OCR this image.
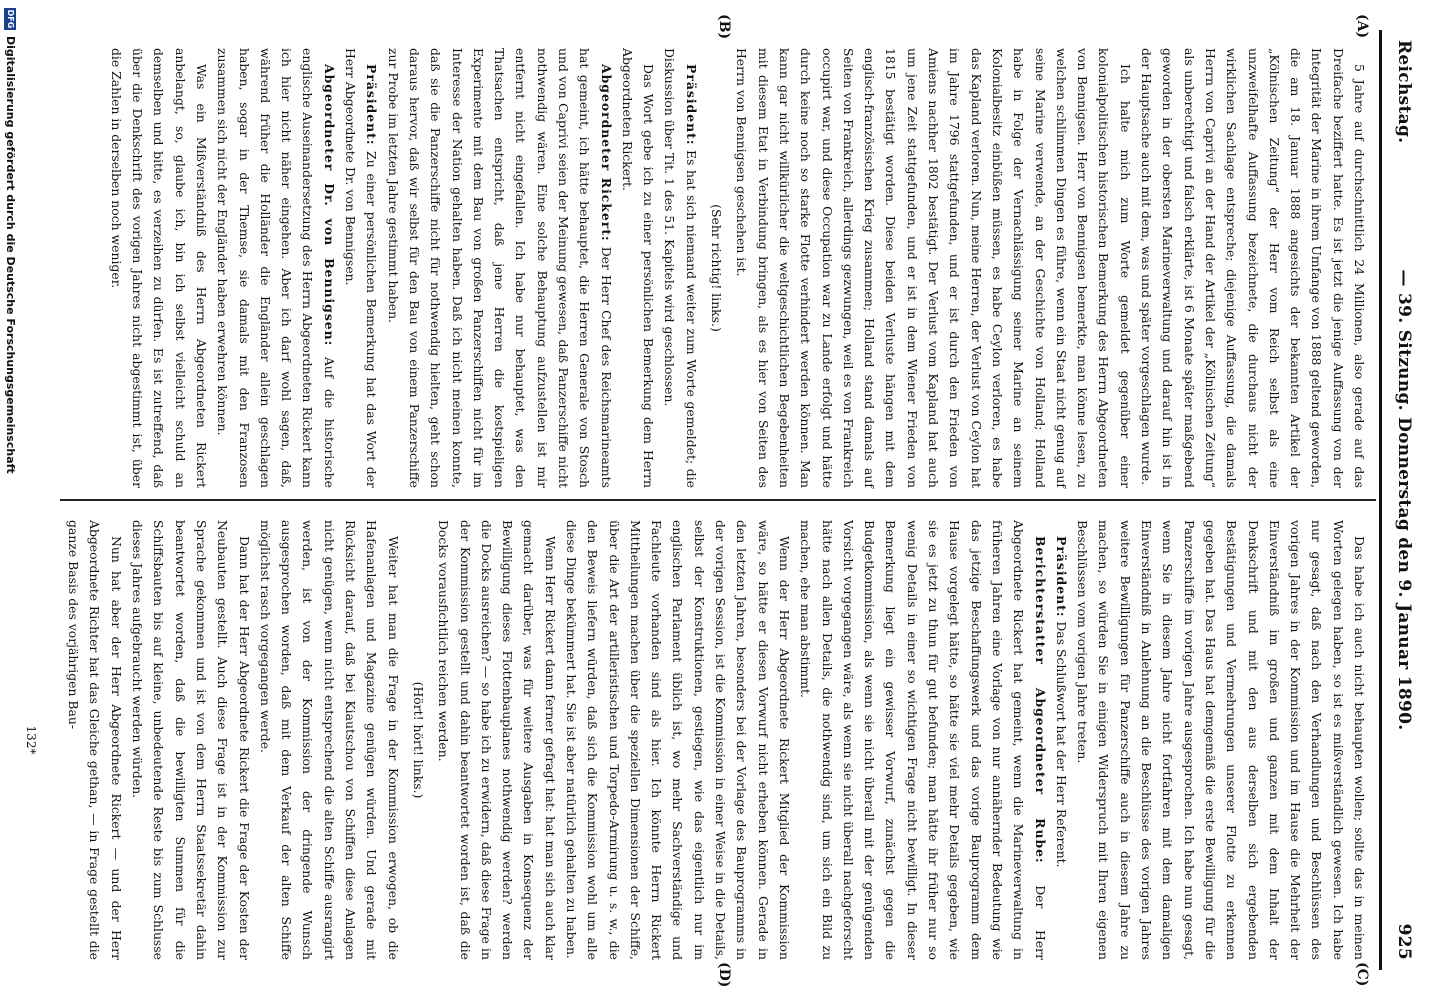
Reichstag.
— 39. Sitzung. Donnerstag den 9. Januar 1890.
925
(A)
(B)
(C)
(D)

5 Jahre auf durchschnittlich 24 Millionen, also gerade auf das Dreifache beziffert hatte. Es ist jetzt die jenige Auffassung von der Integrität der Marine in ihrem Umfange von 1888 geltend geworden, die am 18. Januar 1888 angesichts der bekannten Artikel der „Kölnischen Zeitung“ der Herr vom Reich selbst als eine unzweifelhafte Auffassung bezeichnete, die durchaus nicht der wirklichen Sachlage entspreche; diejenige Auffassung, die damals Herrn von Caprivi an der Hand der Artikel der „Kölnischen Zeitung“ als unberechtigt und falsch erklärte, ist 6 Monate später maßgebend geworden in der obersten Marineverwaltung und darauf hin ist in der Hauptsache auch mit dem, was und später vorgeschlagen wurde.

Ich halte mich zum Worte gemeldet gegenüber einer kolonialpolitischen historischen Bemerkung des Herrn Abgeordneten von Bennigsen. Herr von Bennigsen bemerkte, man könne lesen, zu welchen schlimmen Dingen es führe, wenn ein Staat nicht genug auf seine Marine verwende, an der Geschichte von Holland; Holland habe in Folge der Vernachlässigung seiner Marine an seinem Kolonialbesitz einbüßen müssen, es habe Ceylon verloren, es habe das Kapland verloren. Nun, meine Herren, der Verlust von Ceylon hat im Jahre 1796 stattgefunden, und er ist durch den Frieden von Amiens nachher 1802 bestätigt. Der Verlust vom Kapland hat auch um jene Zeit stattgefunden, und er ist in dem Wiener Frieden von 1815 bestätigt worden. Diese beiden Verluste hängen mit dem englisch-französischen Krieg zusammen; Holland stand damals auf Seiten von Frankreich, allerdings gezwungen, weil es von Frankreich occupirt war, und diese Occupation war zu Lande erfolgt und hätte durch keine noch so starke Flotte verhindert werden können. Man kann gar nicht willkürlicher die weltgeschichtlichen Begebenheiten mit diesem Etat in Verbindung bringen, als es hier von Seiten des Herrn von Bennigsen geschehen ist.

(Sehr richtig! links.)

Präsident: Es hat sich niemand weiter zum Worte gemeldet; die Diskussion über Tit. 1 des 51. Kapitels wird geschlossen.

Das Wort gebe ich zu einer persönlichen Bemerkung dem Herrn Abgeordneten Rickert.

Abgeordneter Rickert: Der Herr Chef des Reichsmarineamts hat gemeint, ich hätte behauptet, die Herren Generale von Stosch und von Caprivi seien der Meinung gewesen, daß Panzerschiffe nicht nothwendig wären. Eine solche Behauptung aufzustellen ist mir entfernt nicht eingefallen. Ich habe nur behauptet, was den Thatsachen entspricht, daß jene Herren die kostspieligen Experimente mit dem Bau von großen Panzerschiffen nicht für im Interesse der Nation gehalten haben. Daß ich nicht meinen konnte, daß sie die Panzerschiffe nicht für nothwendig hielten, geht schon daraus hervor, daß wir selbst für den Bau von einem Panzerschiffe zur Probe im letzten Jahre gestimmt haben.

Präsident: Zu einer persönlichen Bemerkung hat das Wort der Herr Abgeordnete Dr. von Bennigsen.

Abgeordneter Dr. von Bennigsen: Auf die historische englische Auseinandersetzung des Herrn Abgeordneten Rickert kann ich hier nicht näher eingehen. Aber ich darf wohl sagen, daß, während früher die Holländer die Engländer allein geschlagen haben, sogar in der Themse, sie damals mit den Franzosen zusammen sich nicht der Engländer haben erwehren können.

Was ein Mißverständniß des Herrn Abgeordneten Rickert anbelangt, so, glaube ich, bin ich selbst vielleicht schuld an demselben und bitte, es verzeihen zu dürfen. Es ist zutreffend, daß über die Denkschrift des vorigen Jahres nicht abgestimmt ist, über die Zahlen in derselben noch weniger.

Das habe ich auch nicht behaupten wollen; sollte das in meinen Worten gelegen haben, so ist es mißverständlich gewesen. Ich habe nur gesagt, daß nach den Verhandlungen und Beschlüssen des vorigen Jahres in der Kommission und im Hause die Mehrheit der Einverständniß im großen und ganzen mit dem Inhalt der Denkschrift und mit den aus derselben sich ergebenden Bestätigungen und Vermehrungen unserer Flotte zu erkennen gegeben hat. Das Haus hat demgemäß die erste Bewilligung für die Panzerschiffe im vorigen Jahre ausgesprochen. Ich habe nun gesagt, wenn Sie in diesem Jahre nicht fortfahren mit dem damaligen Einverständniß in Anlehnung an die Beschlüsse des vorigen Jahres weitere Bewilligungen für Panzerschiffe auch in diesem Jahre zu machen, so würden Sie in einigen Widerspruch mit Ihren eigenen Beschlüssen vom vorigen Jahre treten.

Präsident: Das Schlußwort hat der Herr Referent.

Berichterstatter Abgeordneter Rube: Der Herr Abgeordnete Rickert hat gemeint, wenn die Marineverwaltung in früheren Jahren eine Vorlage von nur annähernder Bedeutung wie das jetzige Beschaffungswerk und das vorige Bauprogramm dem Hause vorgelegt hätte, so hätte sie viel mehr Details gegeben, wie sie es jetzt zu thun für gut befunden; man hätte ihr früher nur so wenig Details in einer so wichtigen Frage nicht bewilligt. In dieser Bemerkung liegt ein gewisser Vorwurf, zunächst gegen die Budgetkommission, als wenn sie nicht überall mit der genügenden Vorsicht vorgegangen wäre, als wenn sie nicht überall nachgeforscht hätte nach allen Details, die nothwendig sind, um sich ein Bild zu machen, ehe man abstimmt.

Wenn der Herr Abgeordnete Rickert Mitglied der Kommission wäre, so hätte er diesen Vorwurf nicht erheben können. Gerade in den letzten Jahren, besonders bei der Vorlage des Bauprogramms in der vorigen Session, ist die Kommission in einer Weise in die Details, selbst der Konstruktionen, gestiegen, wie das eigentlich nur im englischen Parlament üblich ist, wo mehr Sachverständige und Fachleute vorhanden sind als hier. Ich könnte Herrn Rickert Mittheilungen machen über die speziellen Dimensionen der Schiffe, über die Art der artilleristischen und Torpedo-Armirung u. s. w., die den Beweis liefern würden, daß sich die Kommission wohl um alle diese Dinge bekümmert hat. Sie ist aber natürlich gehalten zu haben.

Wenn Herr Rickert dann ferner gefragt hat: hat man sich auch klar gemacht darüber, was für weitere Ausgaben in Konsequenz der Bewilligung dieses Flottenbauplanes nothwendig werden? werden die Docks ausreichen? — so habe ich zu erwidern, daß diese Frage in der Kommission gestellt und dahin beantwortet worden ist, daß die Docks vorausfichtlich reichen werden.

(Hört! hört! links.)

Weiter hat man die Frage in der Kommission erwogen, ob die Hafenanlagen und Magazine genügen würden. Und gerade mit Rücksicht darauf, daß bei Kiautschou von Schiffen diese Anlagen nicht genügen, wenn nicht entsprechend die alten Schiffe ausrangirt werden, ist von der Kommission der dringende Wunsch ausgesprochen worden, daß mit dem Verkauf der alten Schiffe möglichst rasch vorgegangen werde.

Dann hat der Herr Abgeordnete Rickert die Frage der Kosten der Neubauten gestellt. Auch diese Frage ist in der Kommission zur Sprache gekommen und ist von dem Herrn Staatssekretär dahin beantwortet worden, daß die bewilligten Summen für die Schiffsbauten bis auf kleine, unbedeutende Reste bis zum Schlusse dieses Jahres aufgebraucht werden würden.

Nun hat aber der Herr Abgeordnete Rickert — und der Herr Abgeordnete Richter hat das Gleiche gethan, — in Frage gestellt die ganze Basis des vorjährigen Bau-

132*
DFG
Digitalisierung gefördert durch die Deutsche Forschungsgemeinschaft
